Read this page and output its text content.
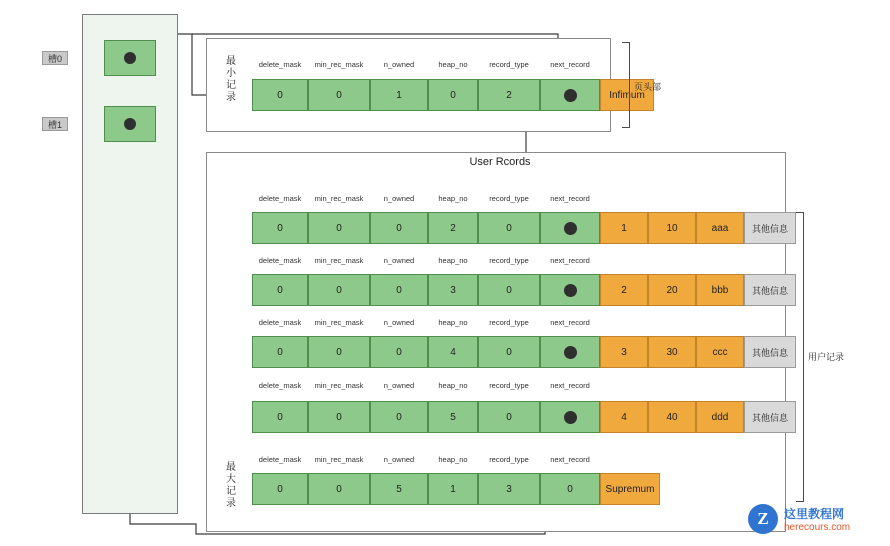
槽0
槽1
最小记录
delete_mask	min_rec_mask	n_owned	heap_no	record_type	next_record
0	0	1	0	2	Infimum
页头部
User Rcords
delete_mask	min_rec_mask	n_owned	heap_no	record_type	next_record
0	0	0	2	0	1	10	aaa	其他信息
delete_mask	min_rec_mask	n_owned	heap_no	record_type	next_record
0	0	0	3	0	2	20	bbb	其他信息
delete_mask	min_rec_mask	n_owned	heap_no	record_type	next_record
0	0	0	4	0	3	30	ccc	其他信息
delete_mask	min_rec_mask	n_owned	heap_no	record_type	next_record
0	0	0	5	0	4	40	ddd	其他信息
最大记录
delete_mask	min_rec_mask	n_owned	heap_no	record_type	next_record
0	0	5	1	3	0	Supremum
用户记录
Z	这里教程网
herecours.com
